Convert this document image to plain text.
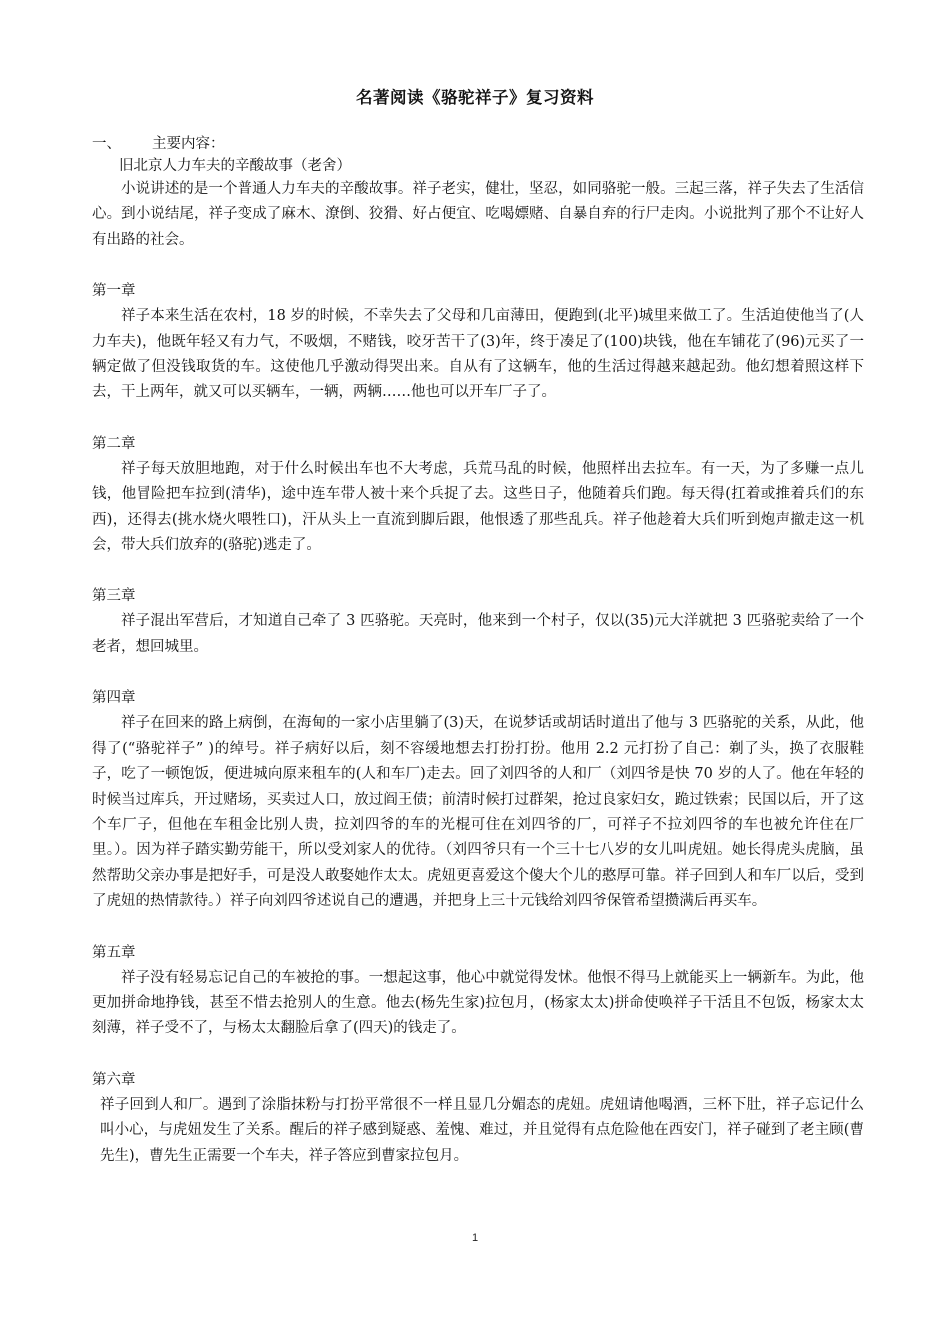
名著阅读《骆驼祥子》复习资料

一、 主要内容：

旧北京人力车夫的辛酸故事（老舍）

小说讲述的是一个普通人力车夫的辛酸故事。祥子老实，健壮，坚忍，如同骆驼一般。三起三落，祥子失去了生活信心。到小说结尾，祥子变成了麻木、潦倒、狡猾、好占便宜、吃喝嫖赌、自暴自弃的行尸走肉。小说批判了那个不让好人有出路的社会。

第一章

祥子本来生活在农村，18 岁的时候，不幸失去了父母和几亩薄田，便跑到(北平)城里来做工了。生活迫使他当了(人力车夫)，他既年轻又有力气，不吸烟，不赌钱，咬牙苦干了(3)年，终于凑足了(100)块钱，他在车铺花了(96)元买了一辆定做了但没钱取货的车。这使他几乎激动得哭出来。自从有了这辆车，他的生活过得越来越起劲。他幻想着照这样下去，干上两年，就又可以买辆车，一辆，两辆……他也可以开车厂子了。

第二章

祥子每天放胆地跑，对于什么时候出车也不大考虑，兵荒马乱的时候，他照样出去拉车。有一天，为了多赚一点儿钱，他冒险把车拉到(清华)，途中连车带人被十来个兵捉了去。这些日子，他随着兵们跑。每天得(扛着或推着兵们的东西)，还得去(挑水烧火喂牲口)，汗从头上一直流到脚后跟，他恨透了那些乱兵。祥子他趁着大兵们听到炮声撤走这一机会，带大兵们放弃的(骆驼)逃走了。

第三章

祥子混出军营后，才知道自己牵了 3 匹骆驼。天亮时，他来到一个村子，仅以(35)元大洋就把 3 匹骆驼卖给了一个老者，想回城里。

第四章

祥子在回来的路上病倒，在海甸的一家小店里躺了(3)天，在说梦话或胡话时道出了他与 3 匹骆驼的关系，从此，他得了(“骆驼祥子” )的绰号。祥子病好以后，刻不容缓地想去打扮打扮。他用 2.2 元打扮了自己：剃了头，换了衣服鞋子，吃了一顿饱饭，便进城向原来租车的(人和车厂)走去。回了刘四爷的人和厂（刘四爷是快 70 岁的人了。他在年轻的时候当过库兵，开过赌场，买卖过人口，放过阎王债；前清时候打过群架，抢过良家妇女，跪过铁索；民国以后，开了这个车厂子，但他在车租金比别人贵，拉刘四爷的车的光棍可住在刘四爷的厂，可祥子不拉刘四爷的车也被允许住在厂里。）。因为祥子踏实勤劳能干，所以受刘家人的优待。（刘四爷只有一个三十七八岁的女儿叫虎妞。她长得虎头虎脑，虽然帮助父亲办事是把好手，可是没人敢娶她作太太。虎妞更喜爱这个傻大个儿的憨厚可靠。祥子回到人和车厂以后，受到了虎妞的热情款待。）祥子向刘四爷述说自己的遭遇，并把身上三十元钱给刘四爷保管希望攒满后再买车。

第五章

祥子没有轻易忘记自己的车被抢的事。一想起这事，他心中就觉得发怵。他恨不得马上就能买上一辆新车。为此，他更加拼命地挣钱，甚至不惜去抢别人的生意。他去(杨先生家)拉包月，(杨家太太)拼命使唤祥子干活且不包饭，杨家太太刻薄，祥子受不了，与杨太太翻脸后拿了(四天)的钱走了。

第六章

祥子回到人和厂。遇到了涂脂抹粉与打扮平常很不一样且显几分媚态的虎妞。虎妞请他喝酒，三杯下肚，祥子忘记什么叫小心，与虎妞发生了关系。醒后的祥子感到疑惑、羞愧、难过，并且觉得有点危险他在西安门，祥子碰到了老主顾(曹先生)，曹先生正需要一个车夫，祥子答应到曹家拉包月。

1
